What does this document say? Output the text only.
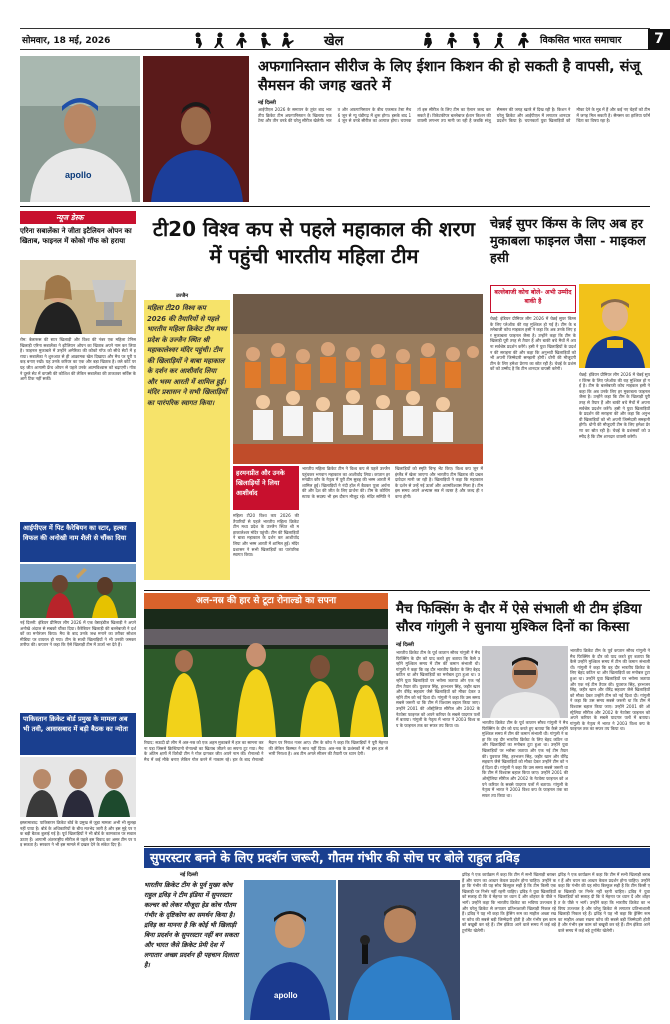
सोमवार, 18 मई, 2026	खेल	विकसित भारत समाचार	7
apollo
अफगानिस्तान सीरीज के लिए ईशान किशन की हो सकती है वापसी, संजू सैमसन की जगह खतरे में
नई दिल्ली
आईपीएल 2026 के समापन के तुरंत बाद भारतीय क्रिकेट टीम अफगानिस्तान के खिलाफ एक टेस्ट और तीन वनडे की घरेलू सीरीज खेलेगी। भारत और अफगानिस्तान के बीच एकमात्र टेस्ट मैच 6 जून से न्यू चंडीगढ़ में शुरू होगा। इसके बाद 14 जून से वनडे सीरीज का आगाज होगा। चयनकर्ता इस सीरीज के लिए टीम का ऐलान जल्द कर सकते हैं। विकेटकीपर बल्लेबाज ईशान किशन की वापसी लगभग तय मानी जा रही है जबकि संजू सैमसन की जगह खतरे में दिख रही है। किशन ने घरेलू क्रिकेट और आईपीएल में लगातार शानदार प्रदर्शन किया है। चयनकर्ता युवा खिलाड़ियों को मौका देने के मूड में हैं और कई नए चेहरों को टीम में जगह मिल सकती है। सैमसन का हालिया फॉर्म चिंता का विषय रहा है।
न्यूज डेस्क
एरिना सबालेंका ने जीता इटैलियन ओपन का खिताब, फाइनल में कोको गॉफ को हराया
रोम: बेलारूस की स्टार खिलाड़ी और विश्व की नंबर एक महिला टेनिस खिलाड़ी एरिना सबालेंका ने इटैलियन ओपन का खिताब अपने नाम कर लिया है। फाइनल मुकाबले में उन्होंने अमेरिका की कोको गॉफ को सीधे सेटों में हराया। सबालेंका ने शुरुआत से ही आक्रामक खेल दिखाया और मैच पर पूरी पकड़ बनाए रखी। यह उनके करियर का एक और बड़ा खिताब है। क्ले कोर्ट पर यह जीत आगामी फ्रेंच ओपन से पहले उनके आत्मविश्वास को बढ़ाएगी। गॉफ ने दूसरे सेट में वापसी की कोशिश की लेकिन सबालेंका की ताकतवर सर्विस के आगे टिक नहीं सकीं।
आईपीएल में पिट कैरेबियन का स्टार, हल्का विफल की अनोखी नाम शैली से चौंका दिया
नई दिल्ली: इंडियन प्रीमियर लीग 2026 में एक वेस्टइंडीज खिलाड़ी ने अपने अनोखे अंदाज से सबको चौंका दिया। कैरेबियन खिलाड़ी की बल्लेबाजी ने दर्शकों का मनोरंजन किया। मैच के बाद उनके जश्न मनाने का तरीका सोशल मीडिया पर वायरल हो गया। टीम के साथी खिलाड़ियों ने भी उनकी जमकर तारीफ की। कप्तान ने कहा कि ऐसे खिलाड़ी टीम में ऊर्जा भर देते हैं।
पाकिस्तान क्रिकेट बोर्ड प्रमुख के मामला अब भी तवी, आवासबाद में बड़ी बैठक का न्योता
इस्लामाबाद: पाकिस्तान क्रिकेट बोर्ड के प्रमुख से जुड़ा मामला अभी भी सुलझ नहीं पाया है। बोर्ड के अधिकारियों के बीच मतभेद जारी है और इस मुद्दे पर एक बड़ी बैठक बुलाई गई है। पूर्व खिलाड़ियों ने भी बोर्ड के कामकाज पर सवाल उठाए हैं। आगामी अंतरराष्ट्रीय सीरीज से पहले इस विवाद का असर टीम पर पड़ सकता है। सरकार ने भी इस मामले में दखल देने के संकेत दिए हैं।
टी20 विश्व कप से पहले महाकाल की शरण में पहुंची भारतीय महिला टीम
उज्जैन
महिला टी20 विश्व कप 2026 की तैयारियों से पहले भारतीय महिला क्रिकेट टीम मध्य प्रदेश के उज्जैन स्थित श्री महाकालेश्वर मंदिर पहुंची। टीम की खिलाड़ियों ने बाबा महाकाल के दर्शन कर आशीर्वाद लिया और भस्म आरती में शामिल हुईं। मंदिर प्रशासन ने सभी खिलाड़ियों का पारंपरिक स्वागत किया।
हरमनप्रीत और उनके खिलाड़ियों ने लिया आशीर्वाद
भारतीय महिला क्रिकेट टीम ने विश्व कप से पहले उज्जैन पहुंचकर भगवान महाकाल का आशीर्वाद लिया। कप्तान हरमनप्रीत कौर के नेतृत्व में पूरी टीम सुबह की भस्म आरती में शामिल हुई। खिलाड़ियों ने नंदी हॉल में बैठकर पूजा अर्चना की और देश की जीत के लिए प्रार्थना की। टीम के कोचिंग स्टाफ के सदस्य भी इस दौरान मौजूद रहे। मंदिर समिति ने खिलाड़ियों को स्मृति चिन्ह भेंट किए। विश्व कप जून में इंग्लैंड में खेला जाएगा और भारतीय टीम खिताब की प्रबल दावेदार मानी जा रही है। खिलाड़ियों ने कहा कि महाकाल के दर्शन से उन्हें नई ऊर्जा और आत्मविश्वास मिला है। टीम इस समय अपने अभ्यास सत्र में व्यस्त है और जल्द ही रवाना होगी।
महिला टी20 विश्व कप 2026 की तैयारियों से पहले भारतीय महिला क्रिकेट टीम मध्य प्रदेश के उज्जैन स्थित श्री महाकालेश्वर मंदिर पहुंची। टीम की खिलाड़ियों ने बाबा महाकाल के दर्शन कर आशीर्वाद लिया और भस्म आरती में शामिल हुईं। मंदिर प्रशासन ने सभी खिलाड़ियों का पारंपरिक स्वागत किया।
चेन्नई सुपर किंग्स के लिए अब हर मुकाबला फाइनल जैसा - माइकल हसी
बल्लेबाजी कोच बोले- अभी उम्मीद बाकी है
चेन्नई: इंडियन प्रीमियर लीग 2026 में चेन्नई सुपर किंग्स के लिए प्लेऑफ की राह मुश्किल हो गई है। टीम के बल्लेबाजी कोच माइकल हसी ने कहा कि अब उनके लिए हर मुकाबला फाइनल जैसा है। उन्होंने कहा कि टीम के खिलाड़ी पूरी तरह से तैयार हैं और बाकी बचे मैचों में अपना सर्वश्रेष्ठ प्रदर्शन करेंगे। हसी ने युवा खिलाड़ियों के प्रदर्शन की सराहना की और कहा कि अनुभवी खिलाड़ियों को भी अपनी जिम्मेदारी समझनी होगी। धोनी की मौजूदगी टीम के लिए हमेशा प्रेरणा का स्रोत रही है। चेन्नई के प्रशंसकों को उम्मीद है कि टीम शानदार वापसी करेगी।
चेन्नई: इंडियन प्रीमियर लीग 2026 में चेन्नई सुपर किंग्स के लिए प्लेऑफ की राह मुश्किल हो गई है। टीम के बल्लेबाजी कोच माइकल हसी ने कहा कि अब उनके लिए हर मुकाबला फाइनल जैसा है। उन्होंने कहा कि टीम के खिलाड़ी पूरी तरह से तैयार हैं और बाकी बचे मैचों में अपना सर्वश्रेष्ठ प्रदर्शन करेंगे। हसी ने युवा खिलाड़ियों के प्रदर्शन की सराहना की और कहा कि अनुभवी खिलाड़ियों को भी अपनी जिम्मेदारी समझनी होगी। धोनी की मौजूदगी टीम के लिए हमेशा प्रेरणा का स्रोत रही है। चेन्नई के प्रशंसकों को उम्मीद है कि टीम शानदार वापसी करेगी।
अल-नस्र की हार से टूटा रोनाल्डो का सपना
रियाद: सऊदी प्रो लीग में अल-नस्र को एक अहम मुकाबले में हार का सामना करना पड़ा जिससे क्रिस्टियानो रोनाल्डो का खिताब जीतने का सपना टूट गया। मैच के अंतिम क्षणों में विरोधी टीम ने गोल दागकर जीत अपने नाम की। रोनाल्डो ने मैच में कई मौके बनाए लेकिन गोल करने में नाकाम रहे। हार के बाद रोनाल्डो मैदान पर निराश नजर आए। टीम के कोच ने कहा कि खिलाड़ियों ने पूरी मेहनत की लेकिन किस्मत ने साथ नहीं दिया। अल-नस्र के प्रशंसकों में भी इस हार से भारी निराशा है। अब टीम अगले सीजन की तैयारी पर ध्यान देगी।
मैच फिक्सिंग के दौर में ऐसे संभाली थी टीम इंडिया सौरव गांगुली ने सुनाया मुश्किल दिनों का किस्सा
नई दिल्ली
भारतीय क्रिकेट टीम के पूर्व कप्तान सौरव गांगुली ने मैच फिक्सिंग के दौर को याद करते हुए बताया कि कैसे उन्होंने मुश्किल समय में टीम की कमान संभाली थी। गांगुली ने कहा कि वह दौर भारतीय क्रिकेट के लिए बेहद कठिन था और खिलाड़ियों का मनोबल टूटा हुआ था। उन्होंने युवा खिलाड़ियों पर भरोसा जताया और एक नई टीम तैयार की। युवराज सिंह, हरभजन सिंह, जहीर खान और वीरेंद्र सहवाग जैसे खिलाड़ियों को मौका देकर उन्होंने टीम को नई दिशा दी। गांगुली ने कहा कि उस समय सबसे जरूरी था कि टीम में विश्वास बहाल किया जाए। उन्होंने 2001 की ऑस्ट्रेलिया सीरीज और 2002 के नेटवेस्ट फाइनल को अपने करियर के सबसे यादगार पलों में बताया। गांगुली के नेतृत्व में भारत ने 2003 विश्व कप के फाइनल तक का सफर तय किया था।
भारतीय क्रिकेट टीम के पूर्व कप्तान सौरव गांगुली ने मैच फिक्सिंग के दौर को याद करते हुए बताया कि कैसे उन्होंने मुश्किल समय में टीम की कमान संभाली थी। गांगुली ने कहा कि वह दौर भारतीय क्रिकेट के लिए बेहद कठिन था और खिलाड़ियों का मनोबल टूटा हुआ था। उन्होंने युवा खिलाड़ियों पर भरोसा जताया और एक नई टीम तैयार की। युवराज सिंह, हरभजन सिंह, जहीर खान और वीरेंद्र सहवाग जैसे खिलाड़ियों को मौका देकर उन्होंने टीम को नई दिशा दी। गांगुली ने कहा कि उस समय सबसे जरूरी था कि टीम में विश्वास बहाल किया जाए। उन्होंने 2001 की ऑस्ट्रेलिया सीरीज और 2002 के नेटवेस्ट फाइनल को अपने करियर के सबसे यादगार पलों में बताया। गांगुली के नेतृत्व में भारत ने 2003 विश्व कप के फाइनल तक का सफर तय किया था।
भारतीय क्रिकेट टीम के पूर्व कप्तान सौरव गांगुली ने मैच फिक्सिंग के दौर को याद करते हुए बताया कि कैसे उन्होंने मुश्किल समय में टीम की कमान संभाली थी। गांगुली ने कहा कि वह दौर भारतीय क्रिकेट के लिए बेहद कठिन था और खिलाड़ियों का मनोबल टूटा हुआ था। उन्होंने युवा खिलाड़ियों पर भरोसा जताया और एक नई टीम तैयार की। युवराज सिंह, हरभजन सिंह, जहीर खान और वीरेंद्र सहवाग जैसे खिलाड़ियों को मौका देकर उन्होंने टीम को नई दिशा दी। गांगुली ने कहा कि उस समय सबसे जरूरी था कि टीम में विश्वास बहाल किया जाए। उन्होंने 2001 की ऑस्ट्रेलिया सीरीज और 2002 के नेटवेस्ट फाइनल को अपने करियर के सबसे यादगार पलों में बताया। गांगुली के नेतृत्व में भारत ने 2003 विश्व कप के फाइनल तक का सफर तय किया था।
सुपरस्टार बनने के लिए प्रदर्शन जरूरी, गौतम गंभीर की सोच पर बोले राहुल द्रविड़
नई दिल्ली
भारतीय क्रिकेट टीम के पूर्व मुख्य कोच राहुल द्रविड़ ने टीम इंडिया में सुपरस्टार कल्चर को लेकर मौजूदा हेड कोच गौतम गंभीर के दृष्टिकोण का समर्थन किया है। द्रविड़ का मानना है कि कोई भी खिलाड़ी बिना प्रदर्शन के सुपरस्टार नहीं बन सकता और भारत जैसे क्रिकेट प्रेमी देश में लगातार अच्छा प्रदर्शन ही पहचान दिलाता है।
apollo
द्रविड़ ने एक कार्यक्रम में कहा कि टीम में सभी खिलाड़ी बराबर हैं और चयन का आधार केवल प्रदर्शन होना चाहिए। उन्होंने कहा कि गंभीर की यह सोच बिल्कुल सही है कि टीम किसी एक खिलाड़ी पर निर्भर नहीं रहनी चाहिए। द्रविड़ ने युवा खिलाड़ियों को सलाह दी कि वे मेहनत पर ध्यान दें और शोहरत के पीछे न भागें। उन्होंने कहा कि भारतीय क्रिकेट का भविष्य उज्ज्वल है और घरेलू क्रिकेट से लगातार प्रतिभाशाली खिलाड़ी निकल रहे हैं। द्रविड़ ने यह भी कहा कि ड्रेसिंग रूम का माहौल अच्छा रखना कोच की सबसे बड़ी जिम्मेदारी होती है और गंभीर इस काम को बखूबी कर रहे हैं। टीम इंडिया आने वाले समय में कई बड़े टूर्नामेंट खेलेगी।
द्रविड़ ने एक कार्यक्रम में कहा कि टीम में सभी खिलाड़ी बराबर हैं और चयन का आधार केवल प्रदर्शन होना चाहिए। उन्होंने कहा कि गंभीर की यह सोच बिल्कुल सही है कि टीम किसी एक खिलाड़ी पर निर्भर नहीं रहनी चाहिए। द्रविड़ ने युवा खिलाड़ियों को सलाह दी कि वे मेहनत पर ध्यान दें और शोहरत के पीछे न भागें। उन्होंने कहा कि भारतीय क्रिकेट का भविष्य उज्ज्वल है और घरेलू क्रिकेट से लगातार प्रतिभाशाली खिलाड़ी निकल रहे हैं। द्रविड़ ने यह भी कहा कि ड्रेसिंग रूम का माहौल अच्छा रखना कोच की सबसे बड़ी जिम्मेदारी होती है और गंभीर इस काम को बखूबी कर रहे हैं। टीम इंडिया आने वाले समय में कई बड़े टूर्नामेंट खेलेगी।
